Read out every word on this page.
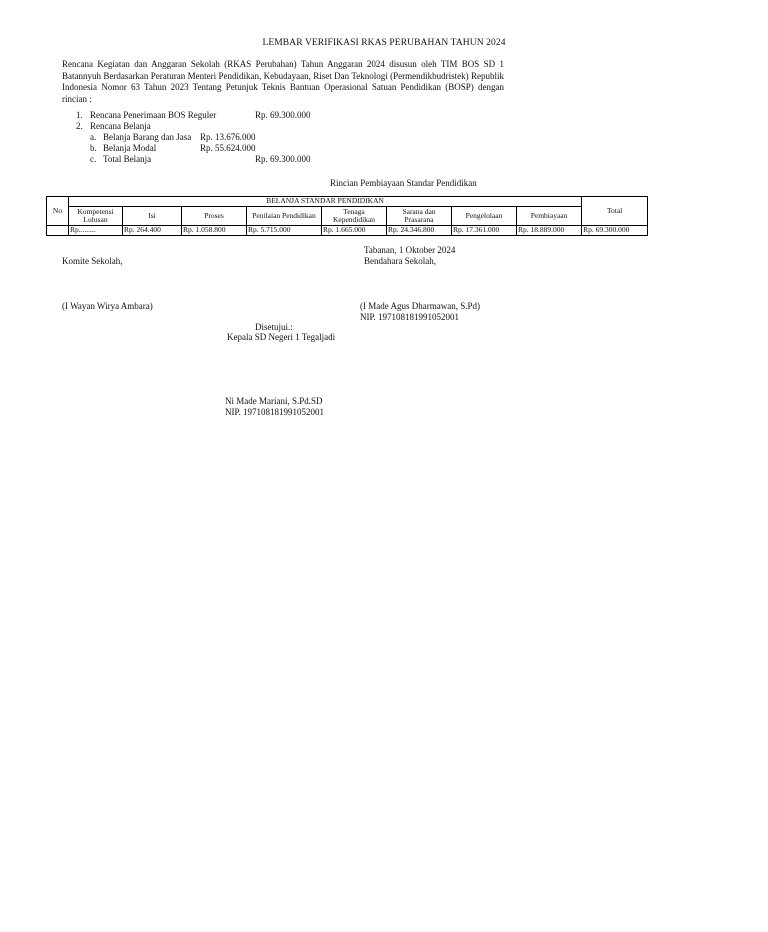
LEMBAR VERIFIKASI RKAS PERUBAHAN TAHUN 2024
Rencana Kegiatan dan Anggaran Sekolah (RKAS Perubahan) Tahun Anggaran 2024 disusun oleh TIM BOS SD 1 Batannyuh Berdasarkan Peraturan Menteri Pendidikan, Kebudayaan, Riset Dan Teknologi (Permendikbudristek) Republik Indonesia Nomor 63 Tahun 2023 Tentang Petunjuk Teknis Bantuan Operasional Satuan Pendidikan (BOSP) dengan rincian :
1. Rencana Penerimaan BOS Reguler	Rp. 69.300.000
2. Rencana Belanja
a. Belanja Barang dan Jasa Rp. 13.676.000
b. Belanja Modal	Rp. 55.624.000
c. Total Belanja	Rp. 69.300.000
Rincian Pembiayaan Standar Pendidikan
No	BELANJA STANDAR PENDIDIKAN								Total
	Kompetensi Lulusan	Isi	Proses	Penilaian Pendidikan	Tenaga Kependidikan	Sarana dan Prasarana	Pengelolaan	Pembiayaan	
	Rp.........	Rp. 264.400	Rp. 1.058.800	Rp. 5.715.000	Rp. 1.665.000	Rp. 24.346.800	Rp. 17.361.000	Rp. 18.889.000	Rp. 69.300.000
Tabanan, 1 Oktober 2024
Komite Sekolah,	Bendahara Sekolah,
(I Wayan Wirya Ambara)	(I Made Agus Dharmawan, S.Pd)
NIP. 197108181991052001
Disetujui.:
Kepala SD Negeri 1 Tegaljadi
Ni Made Mariani, S.Pd.SD
NIP. 197108181991052001
